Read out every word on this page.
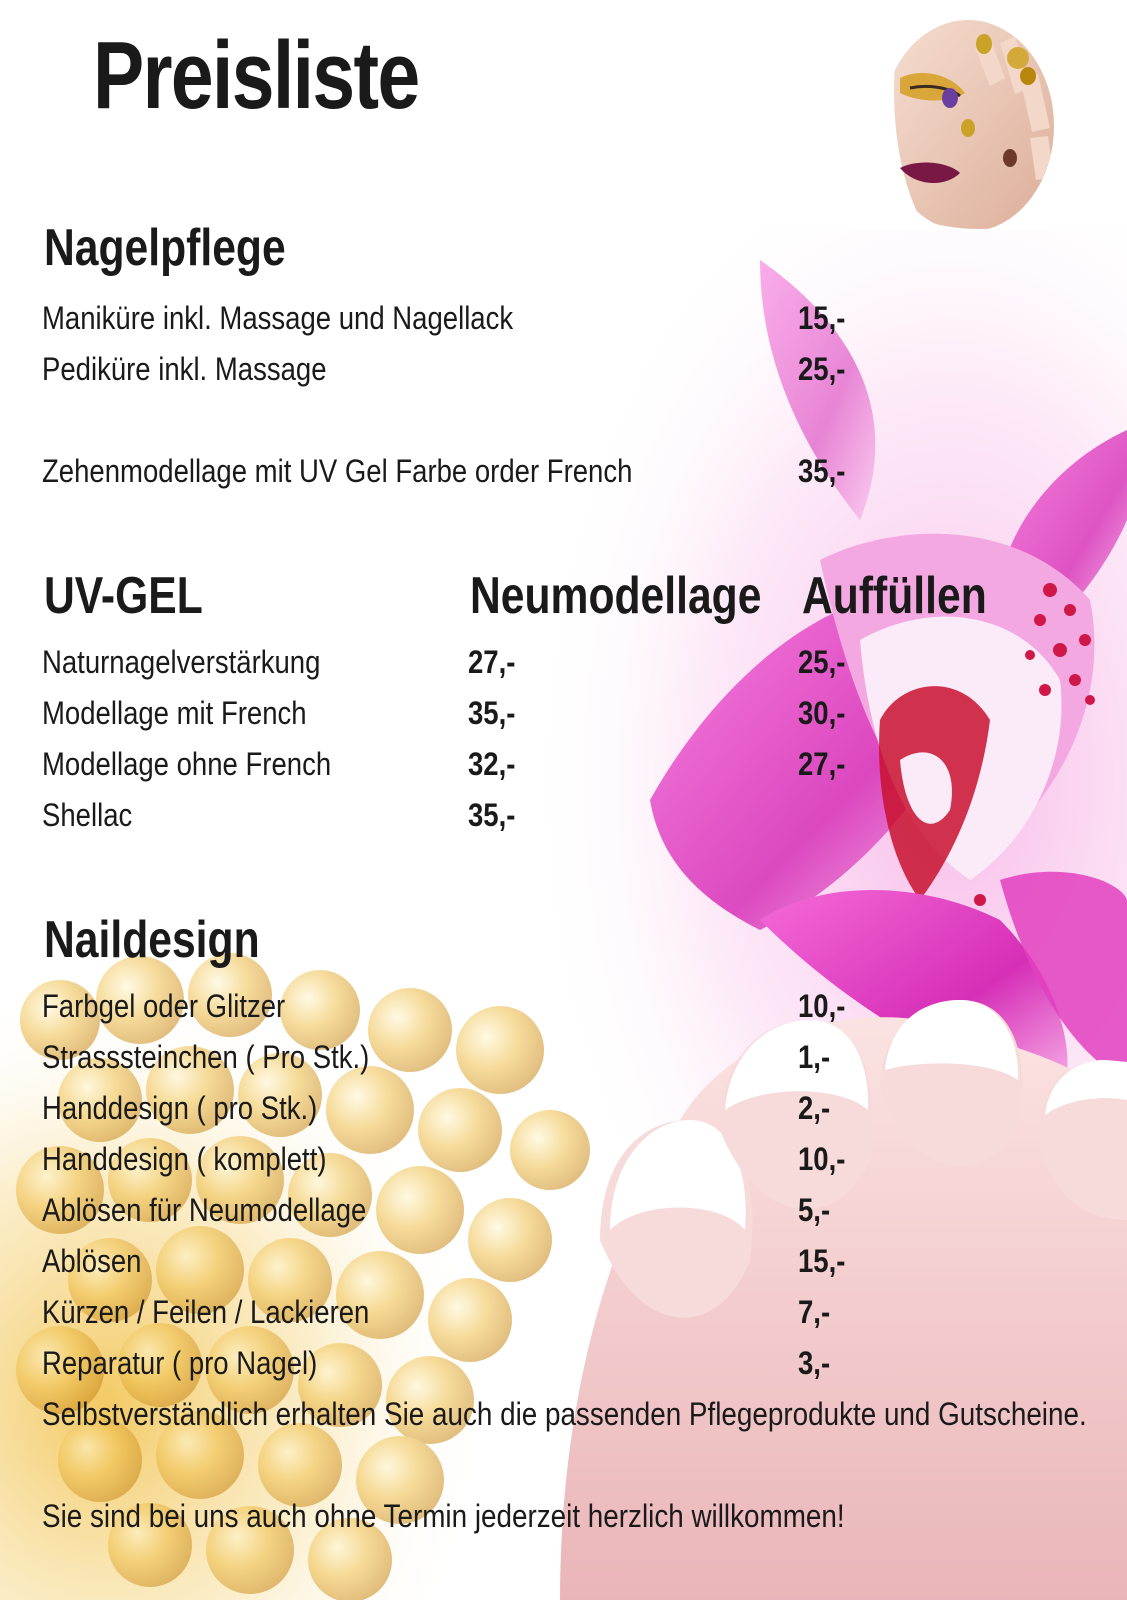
Preisliste
Nagelpflege
Maniküre inkl. Massage und Nagellack	15,-
Pediküre inkl. Massage	25,-
Zehenmodellage mit UV Gel Farbe order French	35,-
UV-GEL	Neumodellage Auffüllen
Naturnagelverstärkung	27,-	25,-
Modellage mit French	35,-	30,-
Modellage ohne French	32,-	27,-
Shellac	35,-
Naildesign
Farbgel oder Glitzer	10,-
Strasssteinchen ( Pro Stk.)	1,-
Handdesign ( pro Stk.)	2,-
Handdesign ( komplett)	10,-
Ablösen für Neumodellage	5,-
Ablösen	15,-
Kürzen / Feilen / Lackieren	7,-
Reparatur ( pro Nagel)	3,-
Selbstverständlich erhalten Sie auch die passenden Pflegeprodukte und Gutscheine.
Sie sind bei uns auch ohne Termin jederzeit herzlich willkommen!
